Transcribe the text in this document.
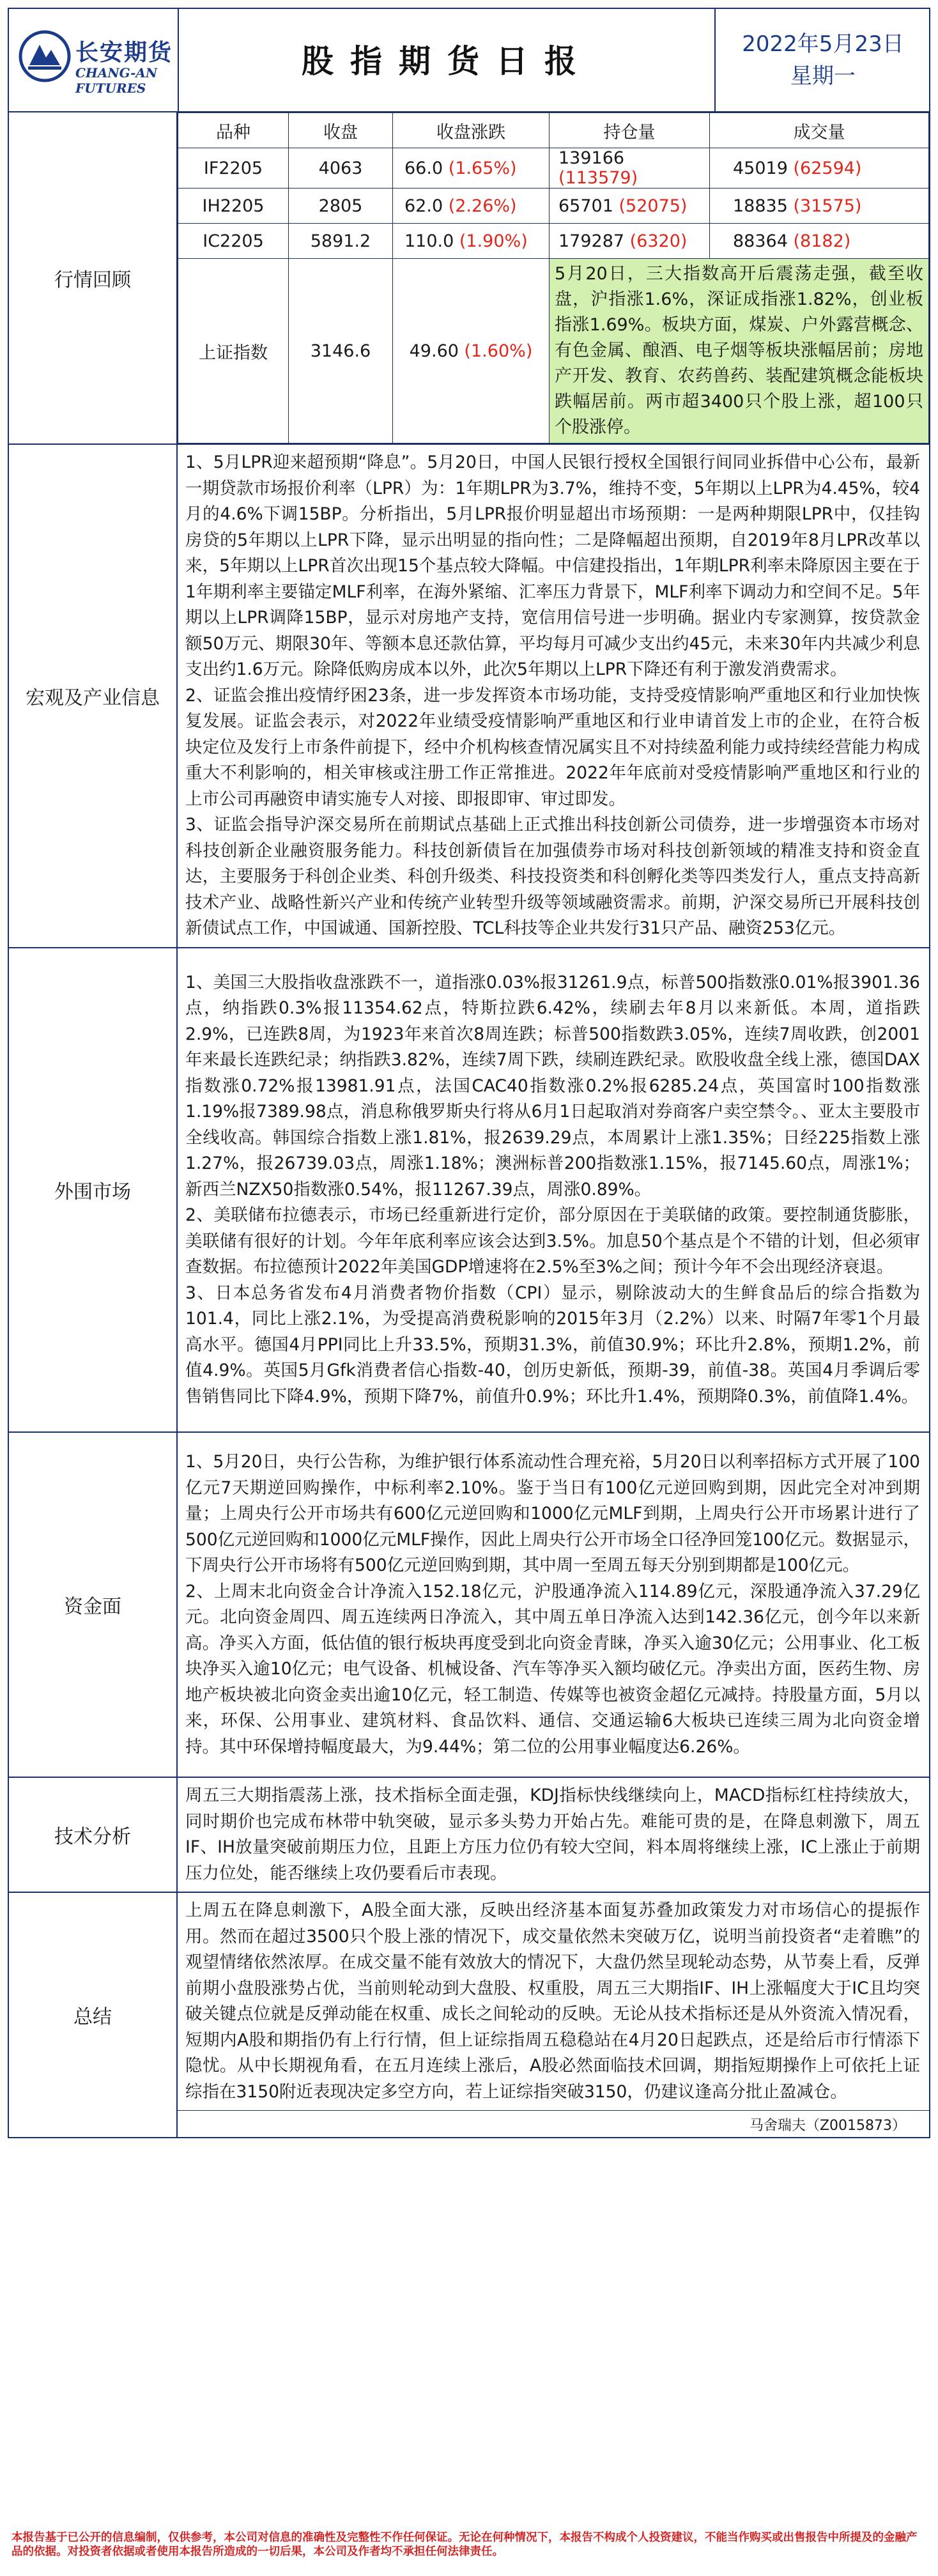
长安期货
CHANG-AN FUTURES
股指期货日报	2022年5月23日
星期一
行情回顾
品种	收盘	收盘涨跌	持仓量	成交量
IF2205	4063	66.0 (1.65%)	139166 (113579)	45019 (62594)
IH2205	2805	62.0 (2.26%)	65701 (52075)	18835 (31575)
IC2205	5891.2	110.0 (1.90%)	179287 (6320)	88364 (8182)
上证指数	3146.6	49.60 (1.60%)	5月20日，三大指数高开后震荡走强，截至收盘，沪指涨1.6%，深证成指涨1.82%，创业板指涨1.69%。板块方面，煤炭、户外露营概念、有色金属、酿酒、电子烟等板块涨幅居前；房地产开发、教育、农药兽药、装配建筑概念能板块跌幅居前。两市超3400只个股上涨，超100只个股涨停。	
宏观及产业信息

1、5月LPR迎来超预期“降息”。5月20日，中国人民银行授权全国银行间同业拆借中心公布，最新一期贷款市场报价利率（LPR）为：1年期LPR为3.7%，维持不变，5年期以上LPR为4.45%，较4月的4.6%下调15BP。分析指出，5月LPR报价明显超出市场预期：一是两种期限LPR中，仅挂钩房贷的5年期以上LPR下降，显示出明显的指向性；二是降幅超出预期，自2019年8月LPR改革以来，5年期以上LPR首次出现15个基点较大降幅。中信建投指出，1年期LPR利率未降原因主要在于1年期利率主要锚定MLF利率，在海外紧缩、汇率压力背景下，MLF利率下调动力和空间不足。5年期以上LPR调降15BP，显示对房地产支持，宽信用信号进一步明确。据业内专家测算，按贷款金额50万元、期限30年、等额本息还款估算，平均每月可减少支出约45元，未来30年内共减少利息支出约1.6万元。除降低购房成本以外，此次5年期以上LPR下降还有利于激发消费需求。

2、证监会推出疫情纾困23条，进一步发挥资本市场功能，支持受疫情影响严重地区和行业加快恢复发展。证监会表示，对2022年业绩受疫情影响严重地区和行业申请首发上市的企业，在符合板块定位及发行上市条件前提下，经中介机构核查情况属实且不对持续盈利能力或持续经营能力构成重大不利影响的，相关审核或注册工作正常推进。2022年年底前对受疫情影响严重地区和行业的上市公司再融资申请实施专人对接、即报即审、审过即发。

3、证监会指导沪深交易所在前期试点基础上正式推出科技创新公司债券，进一步增强资本市场对科技创新企业融资服务能力。科技创新债旨在加强债券市场对科技创新领域的精准支持和资金直达，主要服务于科创企业类、科创升级类、科技投资类和科创孵化类等四类发行人，重点支持高新技术产业、战略性新兴产业和传统产业转型升级等领域融资需求。前期，沪深交易所已开展科技创新债试点工作，中国诚通、国新控股、TCL科技等企业共发行31只产品、融资253亿元。

外围市场

1、美国三大股指收盘涨跌不一，道指涨0.03%报31261.9点，标普500指数涨0.01%报3901.36点，纳指跌0.3%报11354.62点，特斯拉跌6.42%，续刷去年8月以来新低。本周，道指跌2.9%，已连跌8周，为1923年来首次8周连跌；标普500指数跌3.05%，连续7周收跌，创2001年来最长连跌纪录；纳指跌3.82%，连续7周下跌，续刷连跌纪录。欧股收盘全线上涨，德国DAX指数涨0.72%报13981.91点，法国CAC40指数涨0.2%报6285.24点，英国富时100指数涨1.19%报7389.98点，消息称俄罗斯央行将从6月1日起取消对券商客户卖空禁令。、亚太主要股市全线收高。韩国综合指数上涨1.81%，报2639.29点，本周累计上涨1.35%；日经225指数上涨1.27%，报26739.03点，周涨1.18%；澳洲标普200指数涨1.15%，报7145.60点，周涨1%；新西兰NZX50指数涨0.54%，报11267.39点，周涨0.89%。

2、美联储布拉德表示，市场已经重新进行定价，部分原因在于美联储的政策。要控制通货膨胀，美联储有很好的计划。今年年底利率应该会达到3.5%。加息50个基点是个不错的计划，但必须审查数据。布拉德预计2022年美国GDP增速将在2.5%至3%之间；预计今年不会出现经济衰退。

3、日本总务省发布4月消费者物价指数（CPI）显示，剔除波动大的生鲜食品后的综合指数为101.4，同比上涨2.1%，为受提高消费税影响的2015年3月（2.2%）以来、时隔7年零1个月最高水平。德国4月PPI同比上升33.5%，预期31.3%，前值30.9%；环比升2.8%，预期1.2%，前值4.9%。英国5月Gfk消费者信心指数-40，创历史新低，预期-39，前值-38。英国4月季调后零售销售同比下降4.9%，预期下降7%，前值升0.9%；环比升1.4%，预期降0.3%，前值降1.4%。

资金面

1、5月20日，央行公告称，为维护银行体系流动性合理充裕，5月20日以利率招标方式开展了100亿元7天期逆回购操作，中标利率2.10%。鉴于当日有100亿元逆回购到期，因此完全对冲到期量；上周央行公开市场共有600亿元逆回购和1000亿元MLF到期，上周央行公开市场累计进行了500亿元逆回购和1000亿元MLF操作，因此上周央行公开市场全口径净回笼100亿元。数据显示，下周央行公开市场将有500亿元逆回购到期，其中周一至周五每天分别到期都是100亿元。

2、上周末北向资金合计净流入152.18亿元，沪股通净流入114.89亿元，深股通净流入37.29亿元。北向资金周四、周五连续两日净流入，其中周五单日净流入达到142.36亿元，创今年以来新高。净买入方面，低估值的银行板块再度受到北向资金青睐，净买入逾30亿元；公用事业、化工板块净买入逾10亿元；电气设备、机械设备、汽车等净买入额均破亿元。净卖出方面，医药生物、房地产板块被北向资金卖出逾10亿元，轻工制造、传媒等也被资金超亿元减持。持股量方面，5月以来，环保、公用事业、建筑材料、食品饮料、通信、交通运输6大板块已连续三周为北向资金增持。其中环保增持幅度最大，为9.44%；第二位的公用事业幅度达6.26%。

技术分析

周五三大期指震荡上涨，技术指标全面走强，KDJ指标快线继续向上，MACD指标红柱持续放大，同时期价也完成布林带中轨突破，显示多头势力开始占先。难能可贵的是，在降息刺激下，周五IF、IH放量突破前期压力位，且距上方压力位仍有较大空间，料本周将继续上涨，IC上涨止于前期压力位处，能否继续上攻仍要看后市表现。

总结

上周五在降息刺激下，A股全面大涨，反映出经济基本面复苏叠加政策发力对市场信心的提振作用。然而在超过3500只个股上涨的情况下，成交量依然未突破万亿，说明当前投资者“走着瞧”的观望情绪依然浓厚。在成交量不能有效放大的情况下，大盘仍然呈现轮动态势，从节奏上看，反弹前期小盘股涨势占优，当前则轮动到大盘股、权重股，周五三大期指IF、IH上涨幅度大于IC且均突破关键点位就是反弹动能在权重、成长之间轮动的反映。无论从技术指标还是从外资流入情况看，短期内A股和期指仍有上行行情，但上证综指周五稳稳站在4月20日起跌点，还是给后市行情添下隐忧。从中长期视角看，在五月连续上涨后，A股必然面临技术回调，期指短期操作上可依托上证综指在3150附近表现决定多空方向，若上证综指突破3150，仍建议逢高分批止盈减仓。

马舍瑞夫（Z0015873）
本报告基于已公开的信息编制，仅供参考，本公司对信息的准确性及完整性不作任何保证。无论在何种情况下，本报告不构成个人投资建议，不能当作购买或出售报告中所提及的金融产品的依据。对投资者依据或者使用本报告所造成的一切后果，本公司及作者均不承担任何法律责任。
